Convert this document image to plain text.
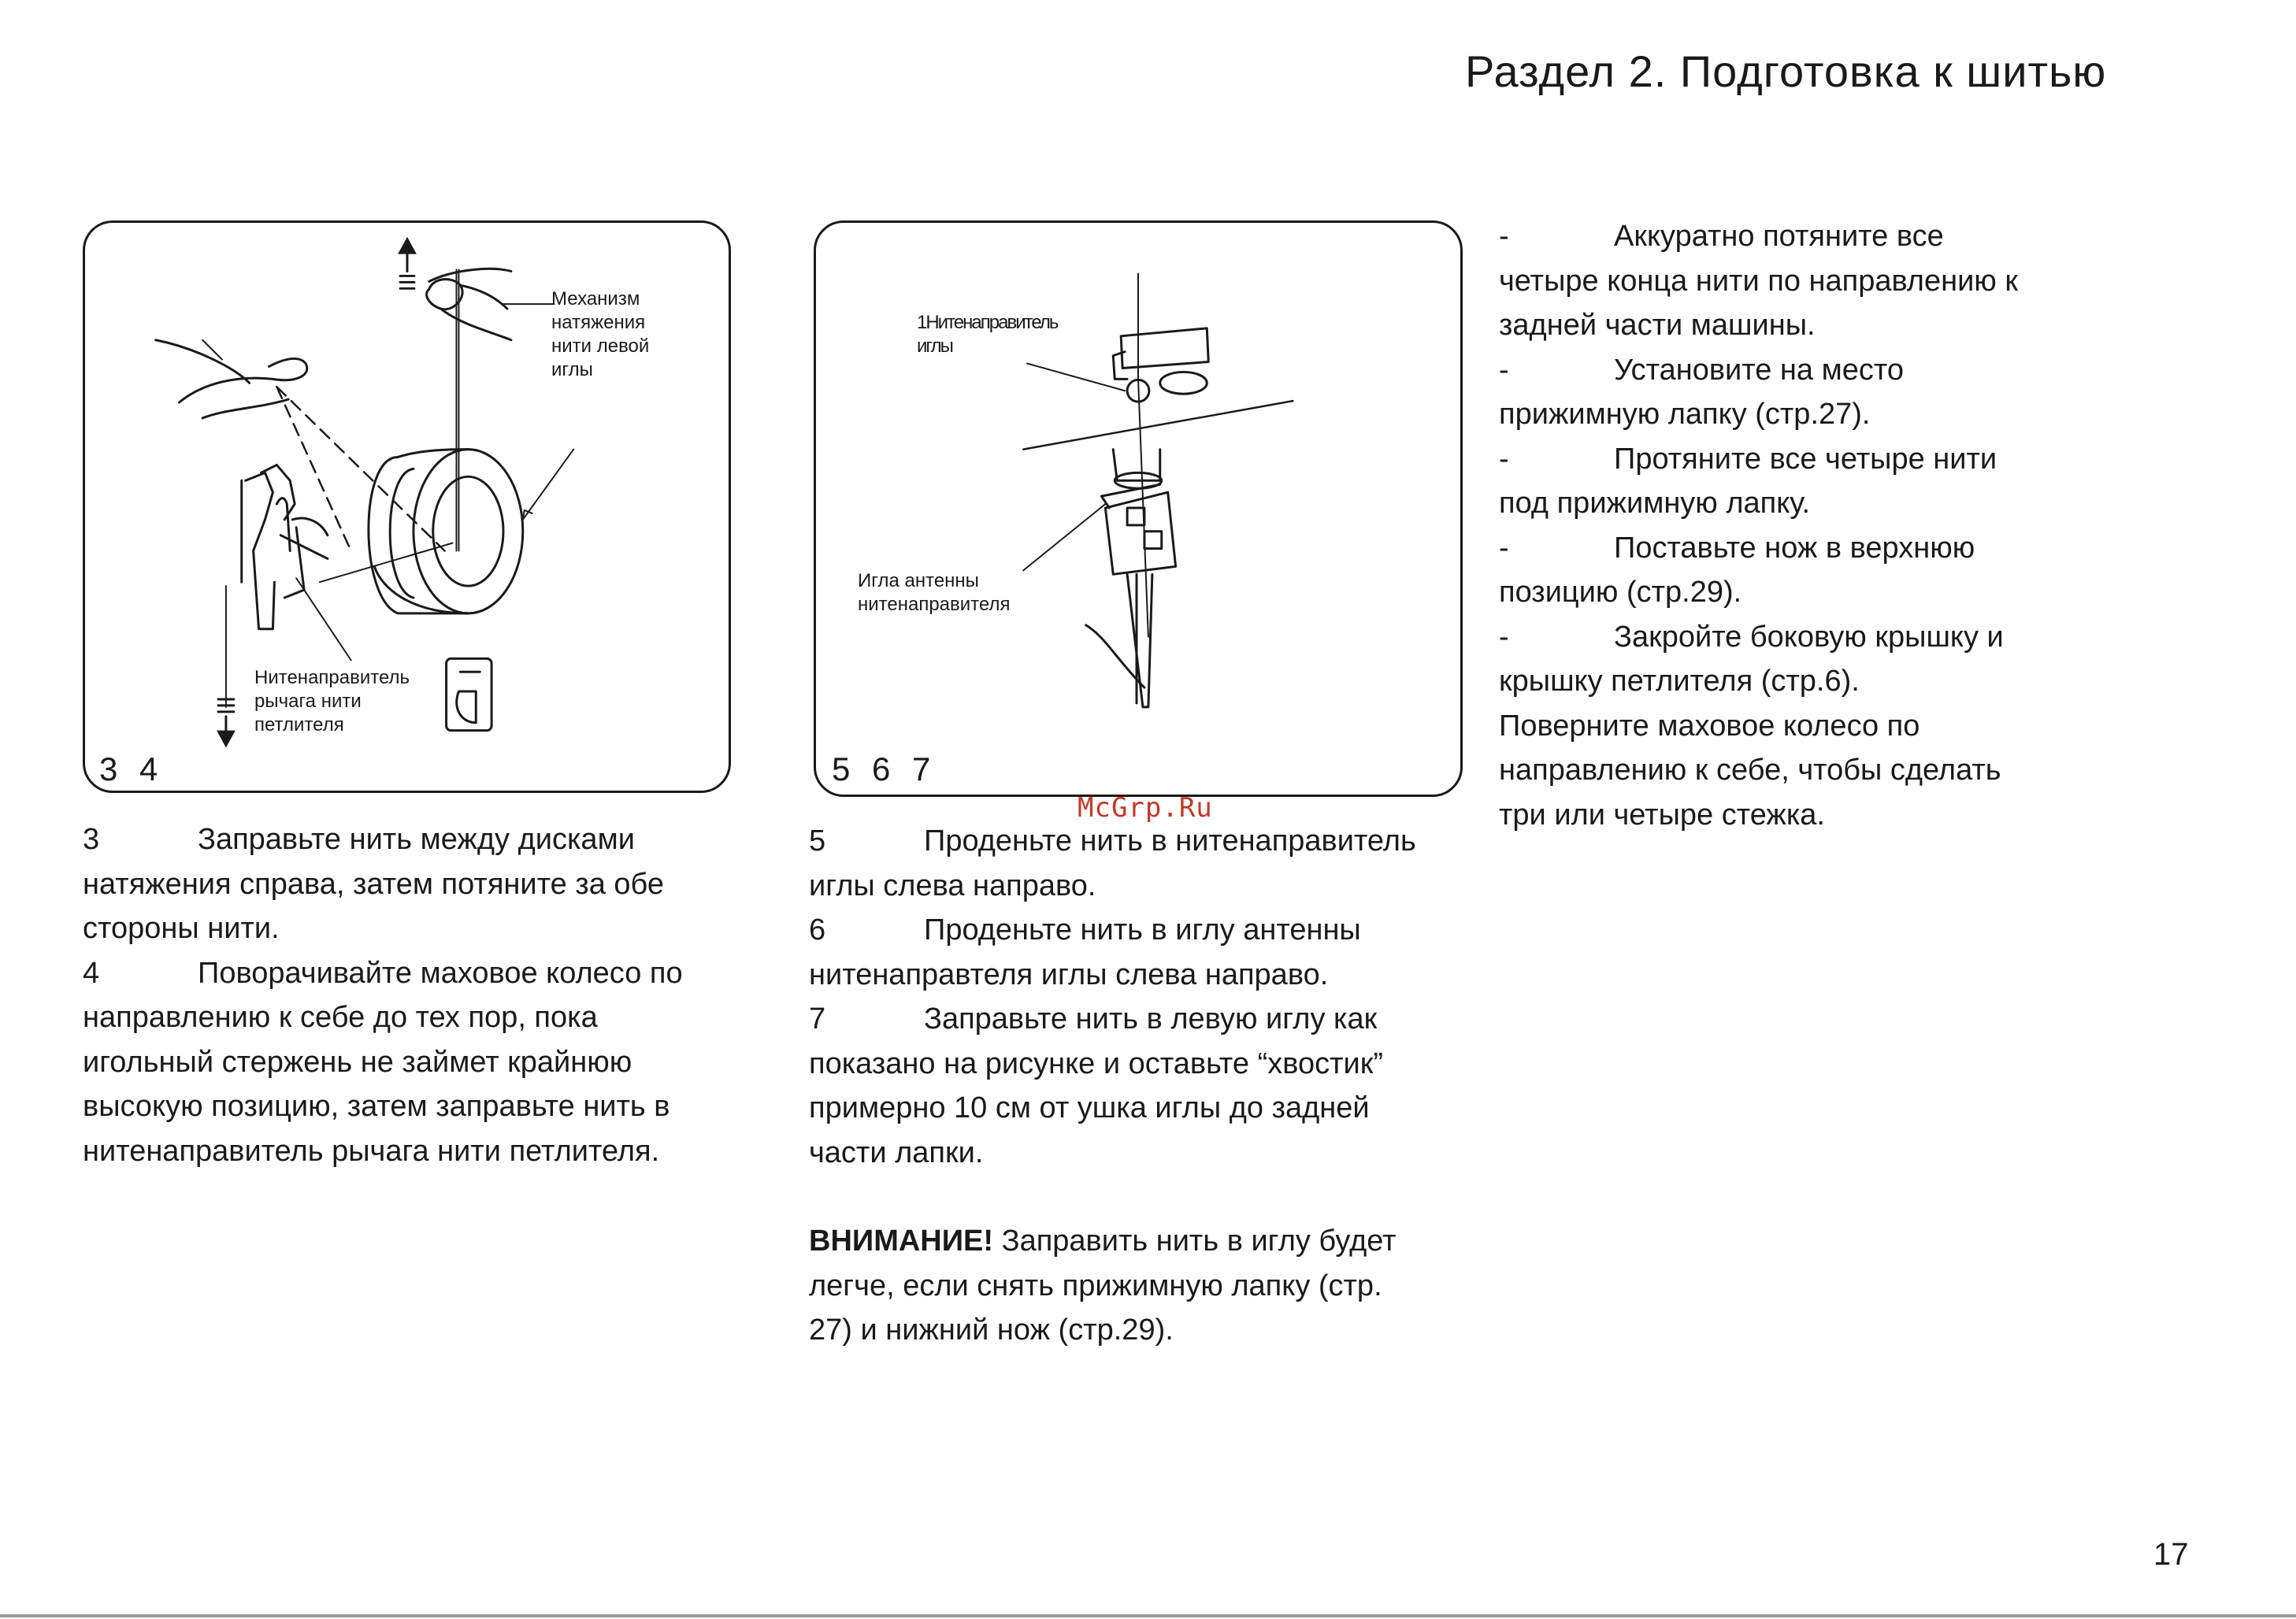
Раздел 2. Подготовка к шитью
Механизм
натяжения
нити левой
иглы
Нитенаправитель
рычага нити
петлителя
3 4
1Нитенаправитель
иглы
Игла антенны
нитенаправителя
5 6 7
McGrp.Ru

3	Заправьте нить между дисками

натяжения справа, затем потяните за обе

стороны нити.

4	Поворачивайте маховое колесо по

направлению к себе до тех пор, пока

игольный стержень не займет крайнюю

высокую позицию, затем заправьте нить в

нитенаправитель рычага нити петлителя.

5	Проденьте нить в нитенаправитель

иглы слева направо.

6	Проденьте нить в иглу антенны

нитенаправтеля иглы слева направо.

7	Заправьте нить в левую иглу как

показано на рисунке и оставьте “хвостик”

примерно 10 см от ушка иглы до задней

части лапки.

ВНИМАНИЕ! Заправить нить в иглу будет

легче, если снять прижимную лапку (стр.

27) и нижний нож (стр.29).

-	Аккуратно потяните все

четыре конца нити по направлению к

задней части машины.

-	Установите на место

прижимную лапку (стр.27).

-	Протяните все четыре нити

под прижимную лапку.

-	Поставьте нож в верхнюю

позицию (стр.29).

-	Закройте боковую крышку и

крышку петлителя (стр.6).

Поверните маховое колесо по

направлению к себе, чтобы сделать

три или четыре стежка.

17
